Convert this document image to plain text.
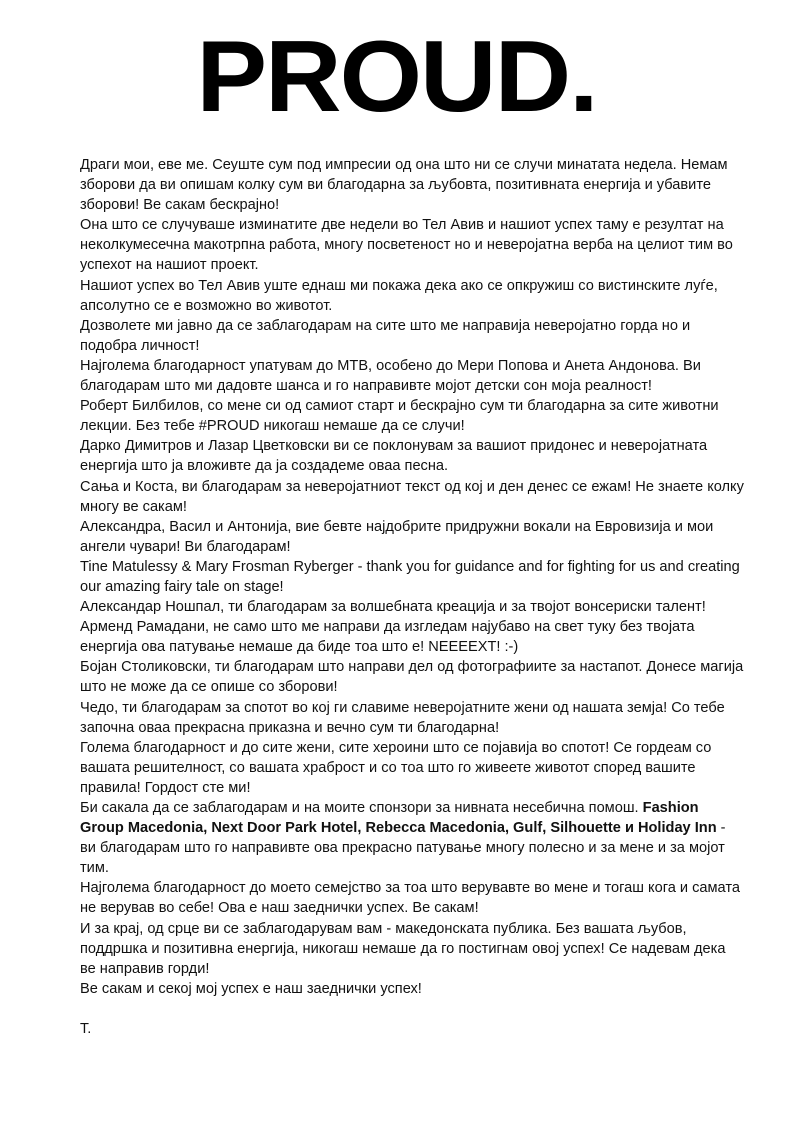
PROUD.

Драги мои, еве ме. Сеуште сум под импресии од она што ни се случи минатата недела. Немам зборови да ви опишам колку сум ви благодарна за љубовта, позитивната енергија и убавите зборови! Ве сакам бескрајно!

Она што се случуваше изминатите две недели во Тел Авив и нашиот успех таму е резултат на неколкумесечна макотрпна работа, многу посветеност но и неверојатна верба на целиот тим во успехот на нашиот проект.

Нашиот успех во Тел Авив уште еднаш ми покажа дека ако се опкружиш со вистинските луѓе, апсолутно се е возможно во животот.

Дозволете ми јавно да се заблагодарам на сите што ме направија неверојатно горда но и подобра личност!

Најголема благодарност упатувам до МТВ, особено до Мери Попова и Анета Андонова. Ви благодарам што ми дадовте шанса и го направивте мојот детски сон моја реалност!

Роберт Билбилов, со мене си од самиот старт и бескрајно сум ти благодарна за сите животни лекции. Без тебе #PROUD никогаш немаше да се случи!

Дарко Димитров и Лазар Цветковски ви се поклонувам за вашиот придонес и неверојатната енергија што ја вложивте да ја создадеме оваа песна.

Сања и Коста, ви благодарам за неверојатниот текст од кој и ден денес се ежам! Не знаете колку многу ве сакам!

Александра, Васил и Антонија, вие бевте најдобрите придружни вокали на Евровизија и мои ангели чувари! Ви благодарам!

Tine Matulessy & Mary Frosman Ryberger - thank you for guidance and for fighting for us and creating our amazing fairy tale on stage!

Александар Ношпал, ти благодарам за волшебната креација и за твојот вонсериски талент!

Арменд Рамадани, не само што ме направи да изгледам најубаво на свет туку без твојата енергија ова патување немаше да биде тоа што е! NEEEEXT! :-)

Бојан Столиковски, ти благодарам што направи дел од фотографиите за настапот. Донесе магија што не може да се опише со зборови!

Чедо, ти благодарам за спотот во кој ги славиме неверојатните жени од нашата земја! Со тебе започна оваа прекрасна приказна и вечно сум ти благодарна!

Голема благодарност и до сите жени, сите хероини што се појавија во спотот! Се гордеам со вашата решителност, со вашата храброст и со тоа што го живеете животот според вашите правила! Гордост сте ми!

Би сакала да се заблагодарам и на моите спонзори за нивната несебична помош. Fashion Group Macedonia, Next Door Park Hotel, Rebecca Macedonia, Gulf, Silhouette и Holiday Inn - ви благодарам што го направивте ова прекрасно патување многу полесно и за мене и за мојот тим.

Најголема благодарност до моето семејство за тоа што верувавте во мене и тогаш кога и самата не верував во себе! Ова е наш заеднички успех. Ве сакам!

И за крај, од срце ви се заблагодарувам вам - македонската публика. Без вашата љубов, поддршка и позитивна енергија, никогаш немаше да го постигнам овој успех! Се надевам дека ве направив горди!

Ве сакам и секој мој успех е наш заеднички успех!

Т.
